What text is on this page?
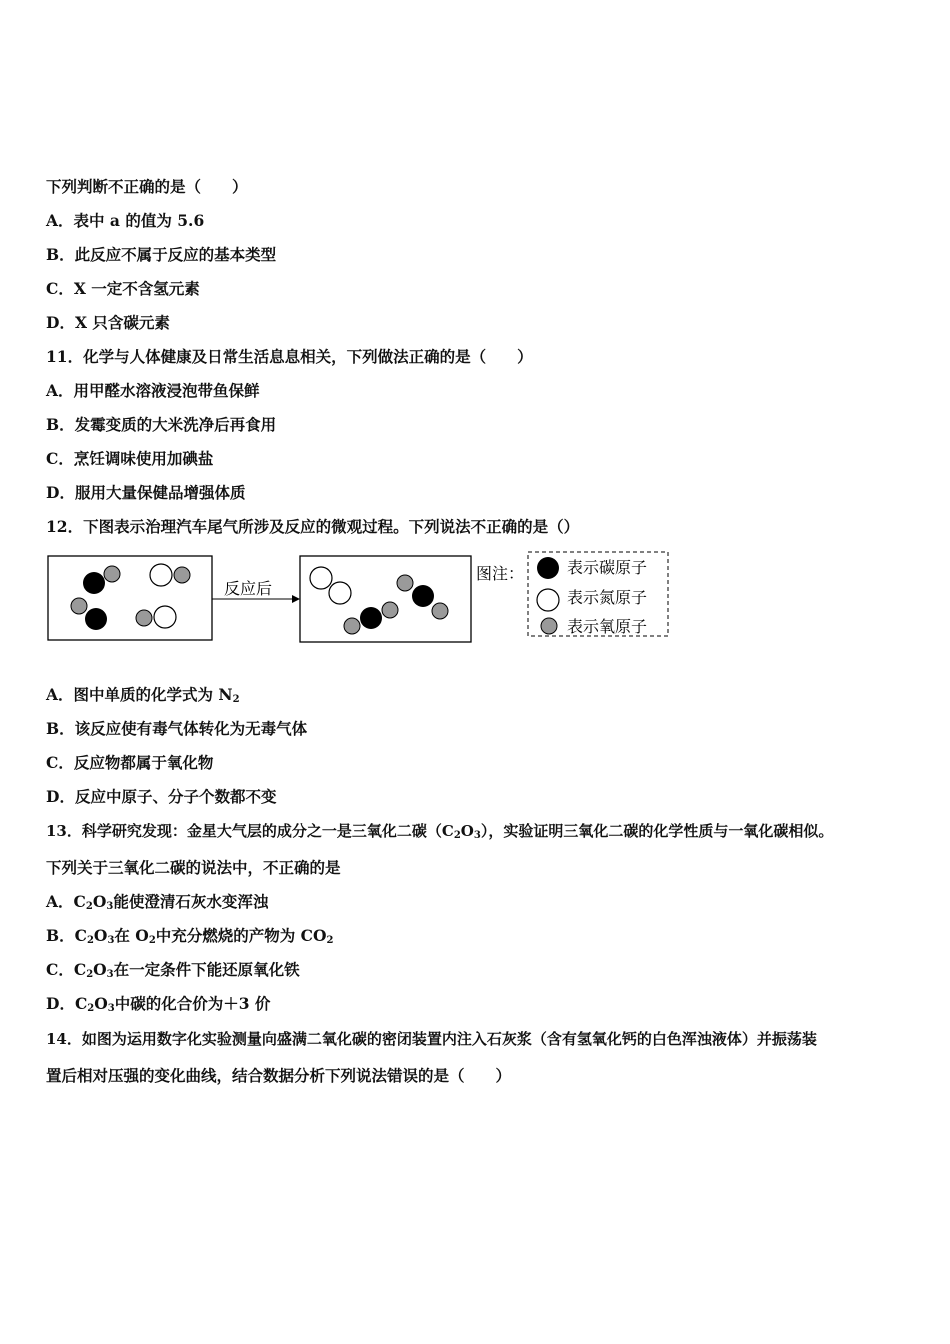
下列判断不正确的是（　　）
A．表中 a 的值为 5.6
B．此反应不属于反应的基本类型
C．X 一定不含氢元素
D．X 只含碳元素
11．化学与人体健康及日常生活息息相关，下列做法正确的是（　　）
A．用甲醛水溶液浸泡带鱼保鲜
B．发霉变质的大米洗净后再食用
C．烹饪调味使用加碘盐
D．服用大量保健品增强体质
12．下图表示治理汽车尾气所涉及反应的微观过程。下列说法不正确的是（）
反应后
图注：	表示碳原子
表示氮原子
表示氧原子
A．图中单质的化学式为 $N_2$
B．该反应使有毒气体转化为无毒气体
C．反应物都属于氧化物
D．反应中原子、分子个数都不变
13．科学研究发现：金星大气层的成分之一是三氧化二碳$(C_2O_3)$，实验证明三氧化二碳的化学性质与一氧化碳相似。
下列关于三氧化二碳的说法中，不正确的是
A．$C_2O_3$能使澄清石灰水变浑浊
B．$C_2O_3$在 $O_2$中充分燃烧的产物为 $CO_2$
C．$C_2O_3$在一定条件下能还原氧化铁
D．$C_2O_3$中碳的化合价为＋3 价
14．如图为运用数字化实验测量向盛满二氧化碳的密闭装置内注入石灰浆（含有氢氧化钙的白色浑浊液体）并振荡装
置后相对压强的变化曲线，结合数据分析下列说法错误的是（　　）
